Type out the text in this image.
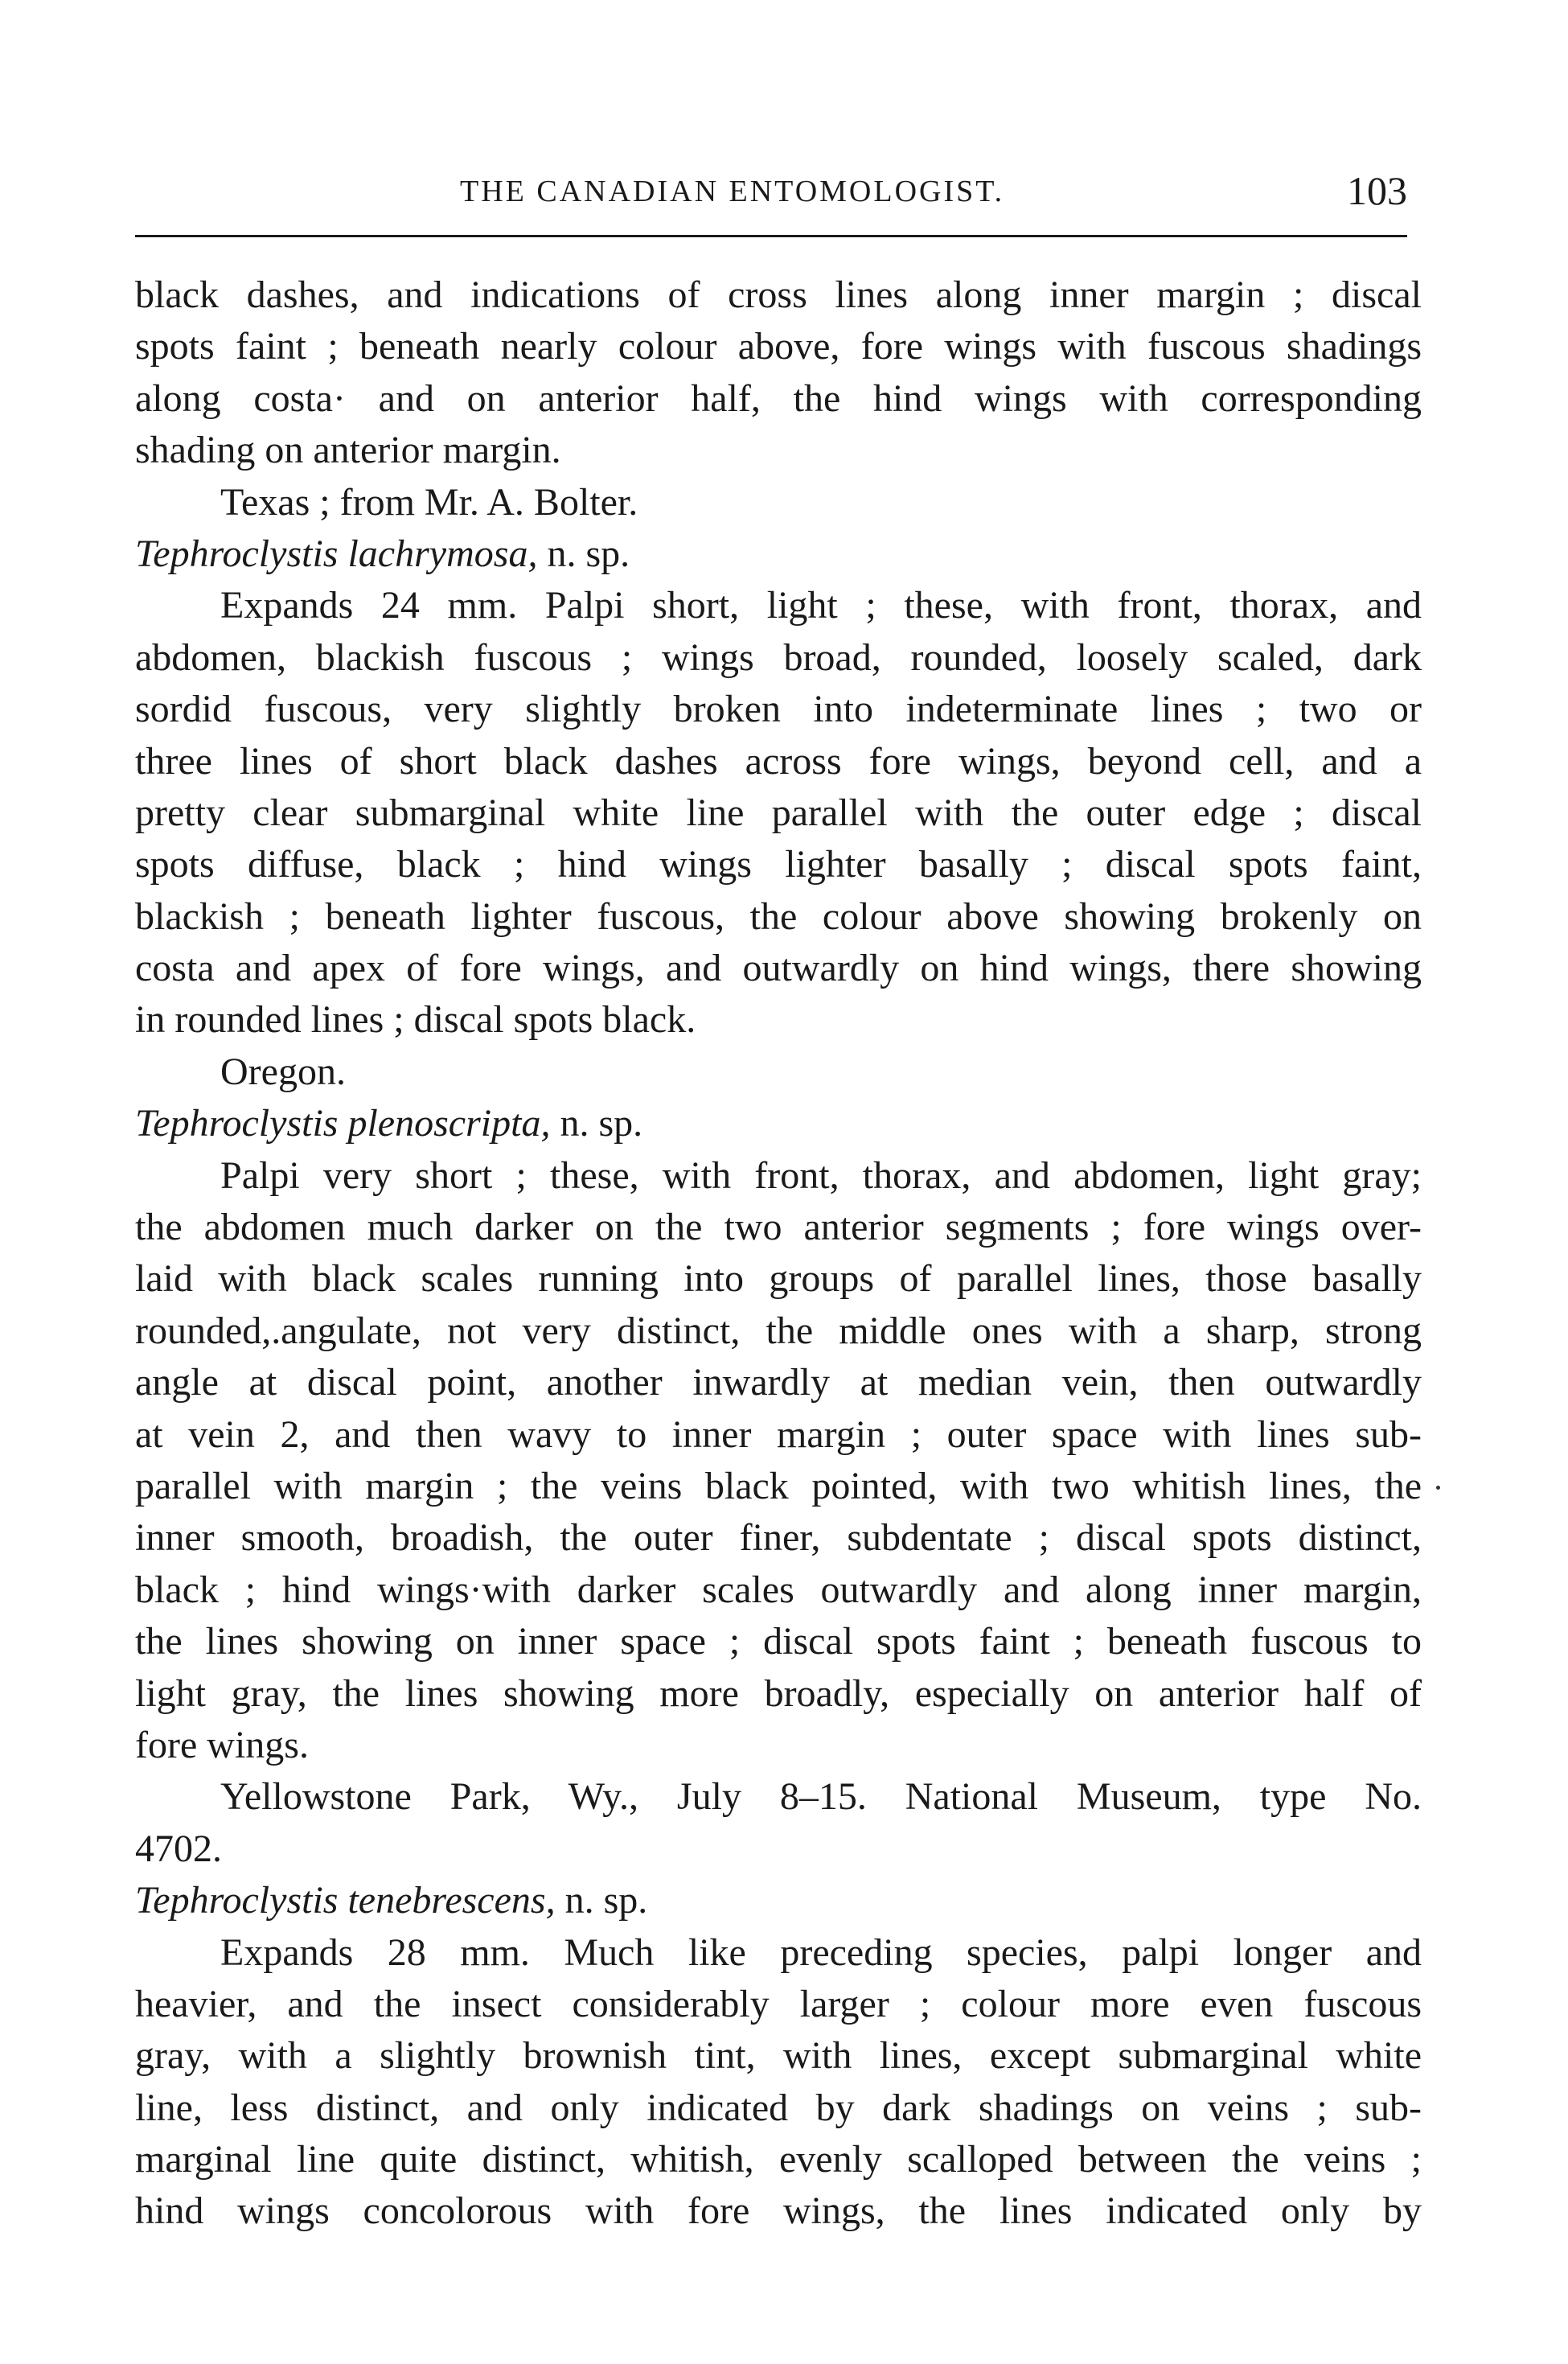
THE CANADIAN ENTOMOLOGIST.	103
black dashes, and indications of cross lines along inner margin ; discal
spots faint ; beneath nearly colour above, fore wings with fuscous shadings
along costa· and on anterior half, the hind wings with corresponding
shading on anterior margin.
Texas ; from Mr. A. Bolter.
Tephroclystis lachrymosa, n. sp.
Expands 24 mm. Palpi short, light ; these, with front, thorax, and
abdomen, blackish fuscous ; wings broad, rounded, loosely scaled, dark
sordid fuscous, very slightly broken into indeterminate lines ; two or
three lines of short black dashes across fore wings, beyond cell, and a
pretty clear submarginal white line parallel with the outer edge ; discal
spots diffuse, black ; hind wings lighter basally ; discal spots faint,
blackish ; beneath lighter fuscous, the colour above showing brokenly on
costa and apex of fore wings, and outwardly on hind wings, there showing
in rounded lines ; discal spots black.
Oregon.
Tephroclystis plenoscripta, n. sp.
Palpi very short ; these, with front, thorax, and abdomen, light gray;
the abdomen much darker on the two anterior segments ; fore wings over-
laid with black scales running into groups of parallel lines, those basally
rounded,.angulate, not very distinct, the middle ones with a sharp, strong
angle at discal point, another inwardly at median vein, then outwardly
at vein 2, and then wavy to inner margin ; outer space with lines sub-
parallel with margin ; the veins black pointed, with two whitish lines, the
inner smooth, broadish, the outer finer, subdentate ; discal spots distinct,
black ; hind wings·with darker scales outwardly and along inner margin,
the lines showing on inner space ; discal spots faint ; beneath fuscous to
light gray, the lines showing more broadly, especially on anterior half of
fore wings.
Yellowstone Park, Wy., July 8–15. National Museum, type No.
4702.
Tephroclystis tenebrescens, n. sp.
Expands 28 mm. Much like preceding species, palpi longer and
heavier, and the insect considerably larger ; colour more even fuscous
gray, with a slightly brownish tint, with lines, except submarginal white
line, less distinct, and only indicated by dark shadings on veins ; sub-
marginal line quite distinct, whitish, evenly scalloped between the veins ;
hind wings concolorous with fore wings, the lines indicated only by
